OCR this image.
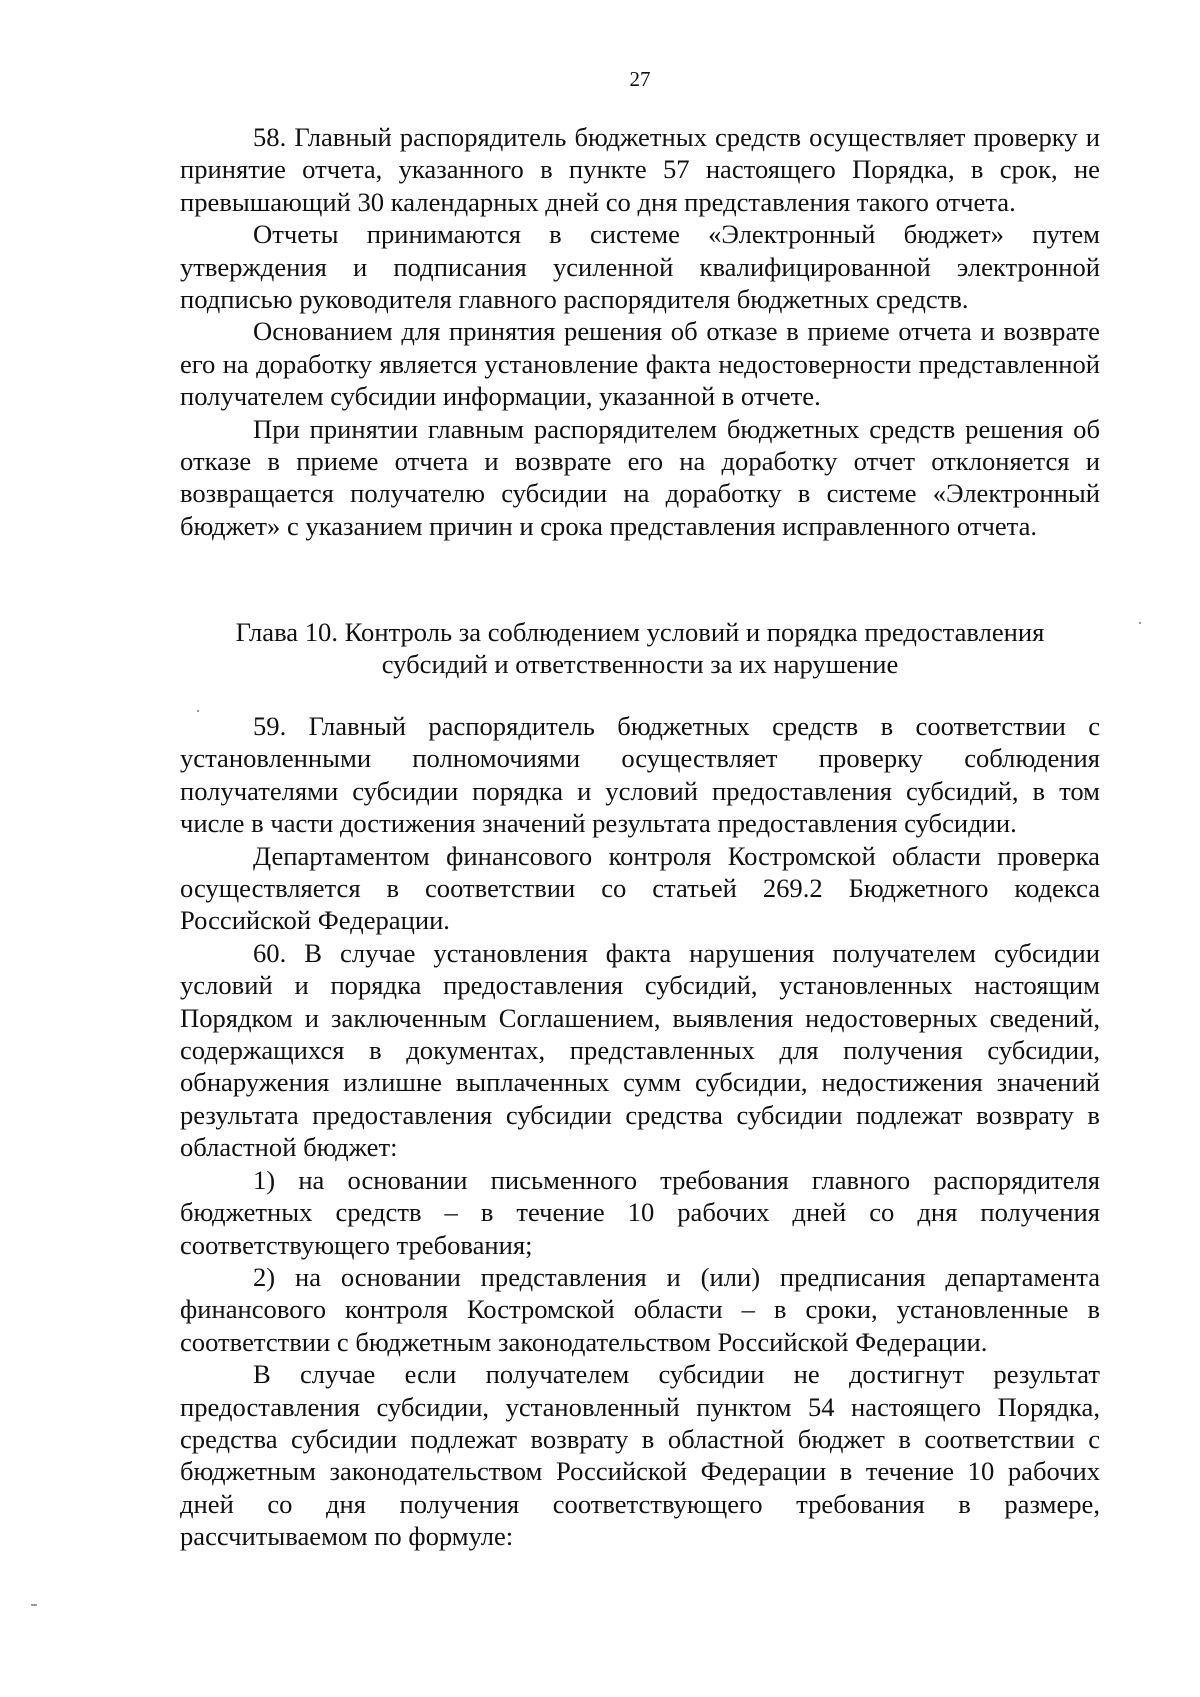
27

58. Главный распорядитель бюджетных средств осуществляет проверку и принятие отчета, указанного в пункте 57 настоящего Порядка, в срок, не превышающий 30 календарных дней со дня представления такого отчета.

Отчеты принимаются в системе «Электронный бюджет» путем утверждения и подписания усиленной квалифицированной электронной подписью руководителя главного распорядителя бюджетных средств.

Основанием для принятия решения об отказе в приеме отчета и возврате его на доработку является установление факта недостоверности представленной получателем субсидии информации, указанной в отчете.

При принятии главным распорядителем бюджетных средств решения об отказе в приеме отчета и возврате его на доработку отчет отклоняется и возвращается получателю субсидии на доработку в системе «Электронный бюджет» с указанием причин и срока представления исправленного отчета.

Глава 10. Контроль за соблюдением условий и порядка предоставления
субсидий и ответственности за их нарушение

59. Главный распорядитель бюджетных средств в соответствии с установленными полномочиями осуществляет проверку соблюдения получателями субсидии порядка и условий предоставления субсидий, в том числе в части достижения значений результата предоставления субсидии.

Департаментом финансового контроля Костромской области проверка осуществляется в соответствии со статьей 269.2 Бюджетного кодекса Российской Федерации.

60. В случае установления факта нарушения получателем субсидии условий и порядка предоставления субсидий, установленных настоящим Порядком и заключенным Соглашением, выявления недостоверных сведений, содержащихся в документах, представленных для получения субсидии, обнаружения излишне выплаченных сумм субсидии, недостижения значений результата предоставления субсидии средства субсидии подлежат возврату в областной бюджет:

1) на основании письменного требования главного распорядителя бюджетных средств – в течение 10 рабочих дней со дня получения соответствующего требования;

2) на основании представления и (или) предписания департамента финансового контроля Костромской области – в сроки, установленные в соответствии с бюджетным законодательством Российской Федерации.

В случае если получателем субсидии не достигнут результат предоставления субсидии, установленный пунктом 54 настоящего Порядка, средства субсидии подлежат возврату в областной бюджет в соответствии с бюджетным законодательством Российской Федерации в течение 10 рабочих дней со дня получения соответствующего требования в размере, рассчитываемом по формуле:
